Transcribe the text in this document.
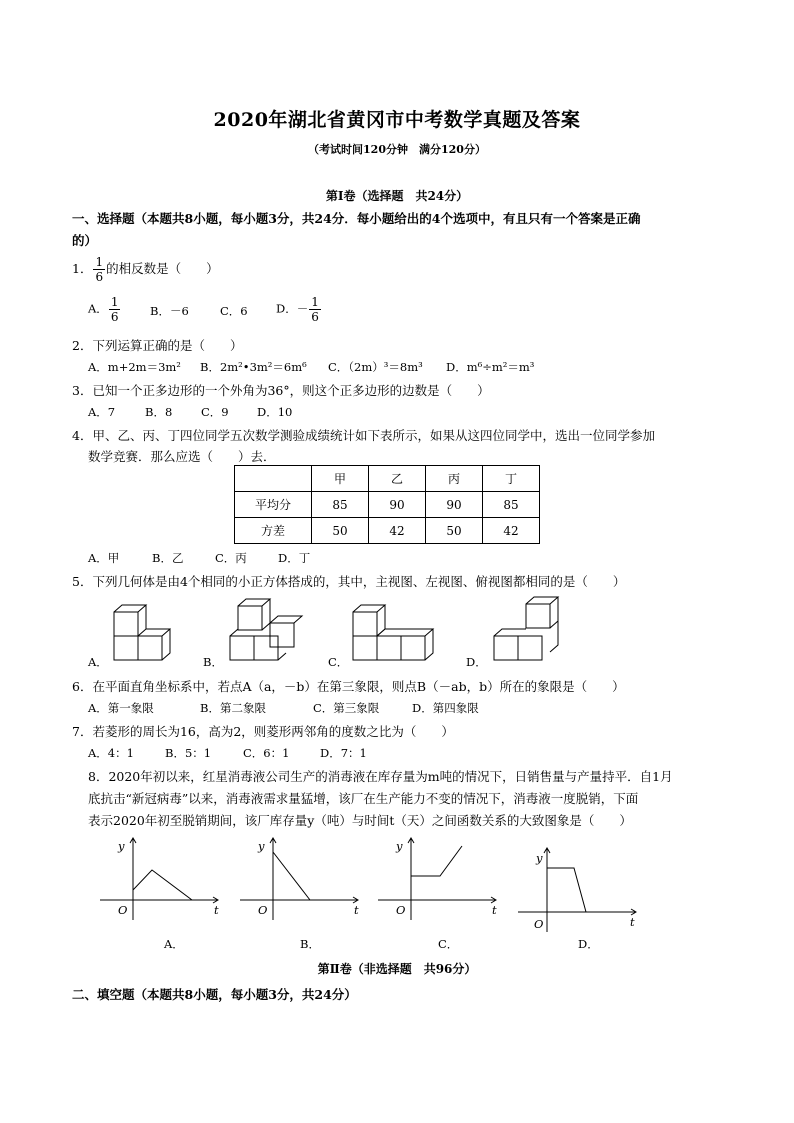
2020年湖北省黄冈市中考数学真题及答案
（考试时间120分钟　满分120分）
第Ⅰ卷（选择题　共24分）
一、选择题（本题共8小题，每小题3分，共24分．每小题给出的4个选项中，有且只有一个答案是正确
的）
1． $\frac{1}{6}$ 的相反数是（　　）
A． $\frac{1}{6}$	B．－6	C．6 D．－ $\frac{1}{6}$
2．下列运算正确的是（　　）
A．m+2m＝3m² B．2m²•3m²＝6m⁶ C．（2m）³＝8m³ D．m⁶÷m²＝m³
3．已知一个正多边形的一个外角为36°，则这个正多边形的边数是（　　）
A．7	B．8 C．9 D．10
4．甲、乙、丙、丁四位同学五次数学测验成绩统计如下表所示，如果从这四位同学中，选出一位同学参加
数学竞赛．那么应选（　　）去．
	甲	乙	丙	丁
平均分	85	90	90	85
方差	50	42	50	42
A．甲	B．乙	C．丙	D．丁
5．下列几何体是由4个相同的小正方体搭成的，其中，主视图、左视图、俯视图都相同的是（　　）
A．	B．	C．	D．
6．在平面直角坐标系中，若点A（a，－b）在第三象限，则点B（－ab，b）所在的象限是（　　）
A．第一象限	B．第二象限	C．第三象限	D．第四象限
7．若菱形的周长为16，高为2，则菱形两邻角的度数之比为（　　）
A．4：1	B．5：1	C．6：1	D．7：1
8．2020年初以来，红星消毒液公司生产的消毒液在库存量为m吨的情况下，日销售量与产量持平．自1月
底抗击“新冠病毒”以来，消毒液需求量猛增，该厂在生产能力不变的情况下，消毒液一度脱销，下面
表示2020年初至脱销期间，该厂库存量y（吨）与时间t（天）之间函数关系的大致图象是（　　）
y
t
O
y
t
O
y
t
O
y
t
O
A．	B．	C．	D．
第Ⅱ卷（非选择题　共96分）
二、填空题（本题共8小题，每小题3分，共24分）
